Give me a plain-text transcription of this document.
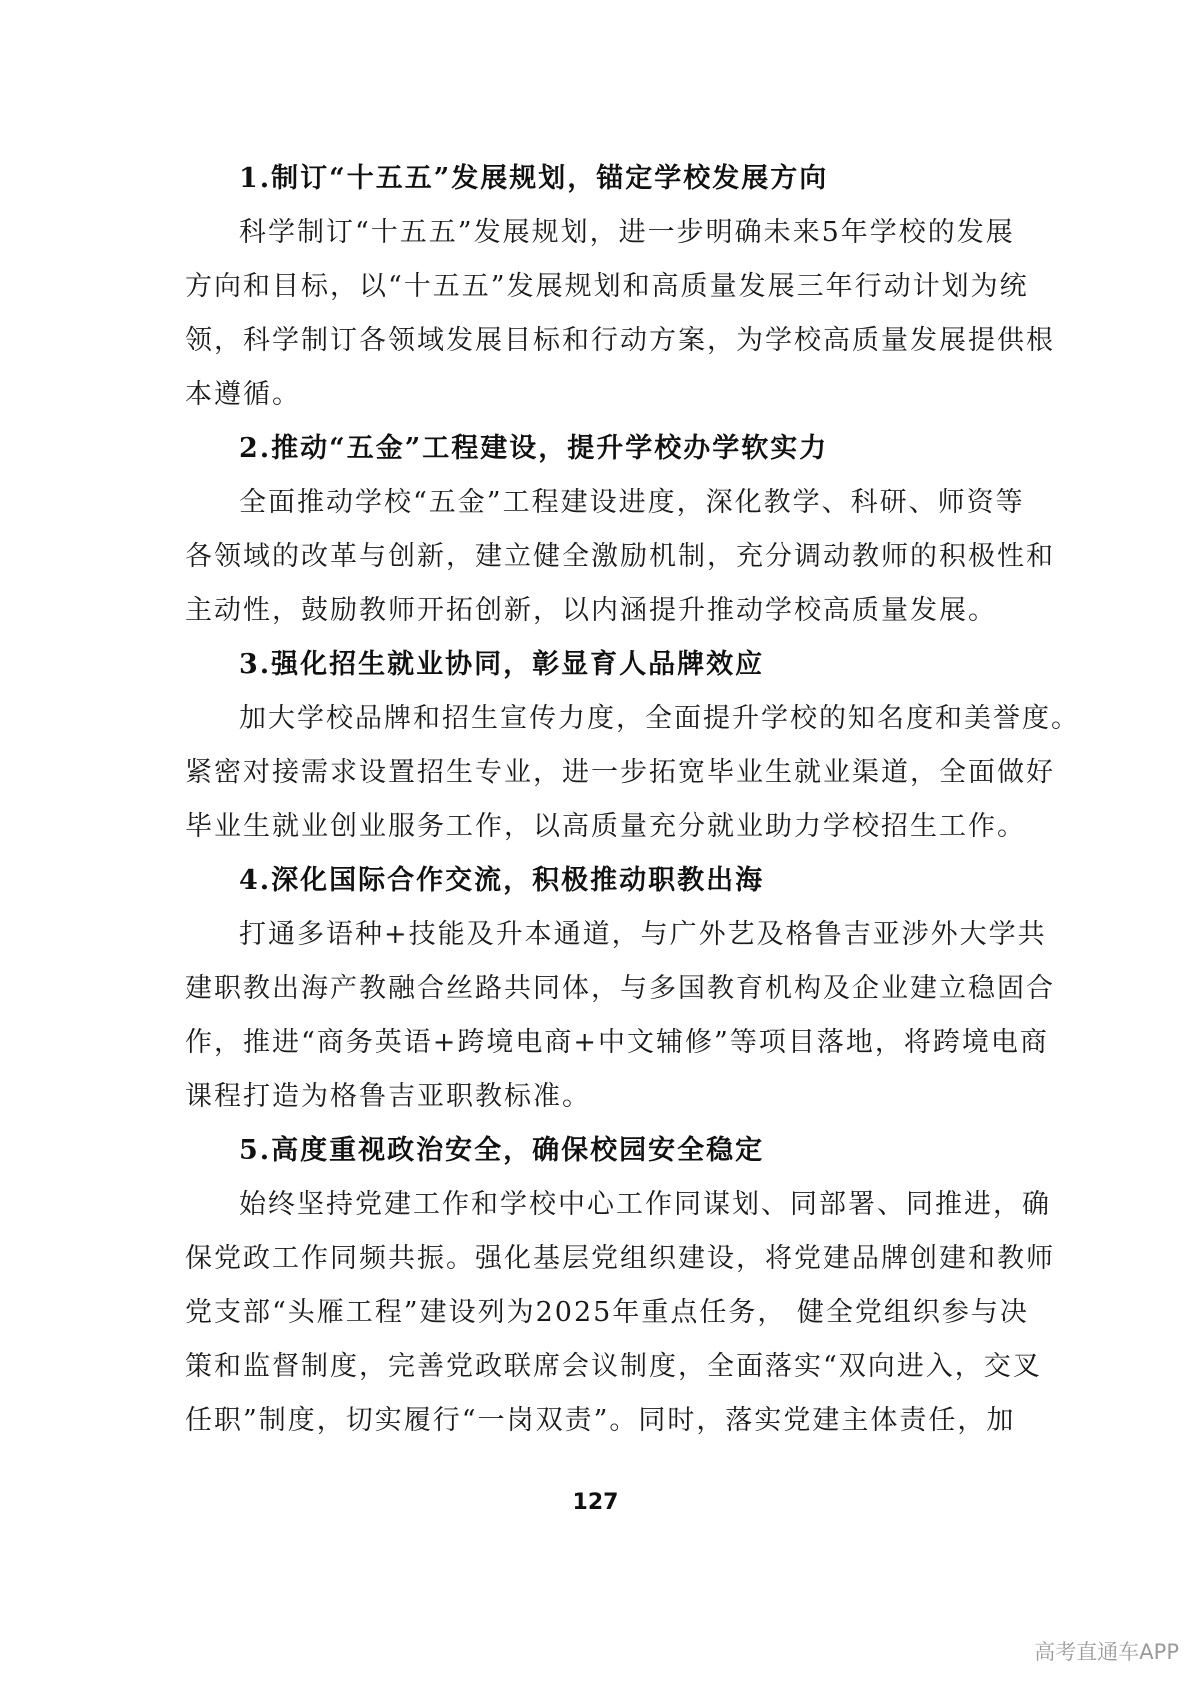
1.制订“十五五”发展规划，锚定学校发展方向
科学制订“十五五”发展规划，进一步明确未来5年学校的发展
方向和目标，以“十五五”发展规划和高质量发展三年行动计划为统
领，科学制订各领域发展目标和行动方案，为学校高质量发展提供根
本遵循。
2.推动“五金”工程建设，提升学校办学软实力
全面推动学校“五金”工程建设进度，深化教学、科研、师资等
各领域的改革与创新，建立健全激励机制，充分调动教师的积极性和
主动性，鼓励教师开拓创新，以内涵提升推动学校高质量发展。
3.强化招生就业协同，彰显育人品牌效应
加大学校品牌和招生宣传力度，全面提升学校的知名度和美誉度。
紧密对接需求设置招生专业，进一步拓宽毕业生就业渠道，全面做好
毕业生就业创业服务工作，以高质量充分就业助力学校招生工作。
4.深化国际合作交流，积极推动职教出海
打通多语种+技能及升本通道，与广外艺及格鲁吉亚涉外大学共
建职教出海产教融合丝路共同体，与多国教育机构及企业建立稳固合
作，推进“商务英语+跨境电商+中文辅修”等项目落地，将跨境电商
课程打造为格鲁吉亚职教标准。
5.高度重视政治安全，确保校园安全稳定
始终坚持党建工作和学校中心工作同谋划、同部署、同推进，确
保党政工作同频共振。强化基层党组织建设，将党建品牌创建和教师
党支部“头雁工程”建设列为2025年重点任务， 健全党组织参与决
策和监督制度，完善党政联席会议制度，全面落实“双向进入，交叉
任职”制度，切实履行“一岗双责”。同时，落实党建主体责任，加
127
高考直通车APP
